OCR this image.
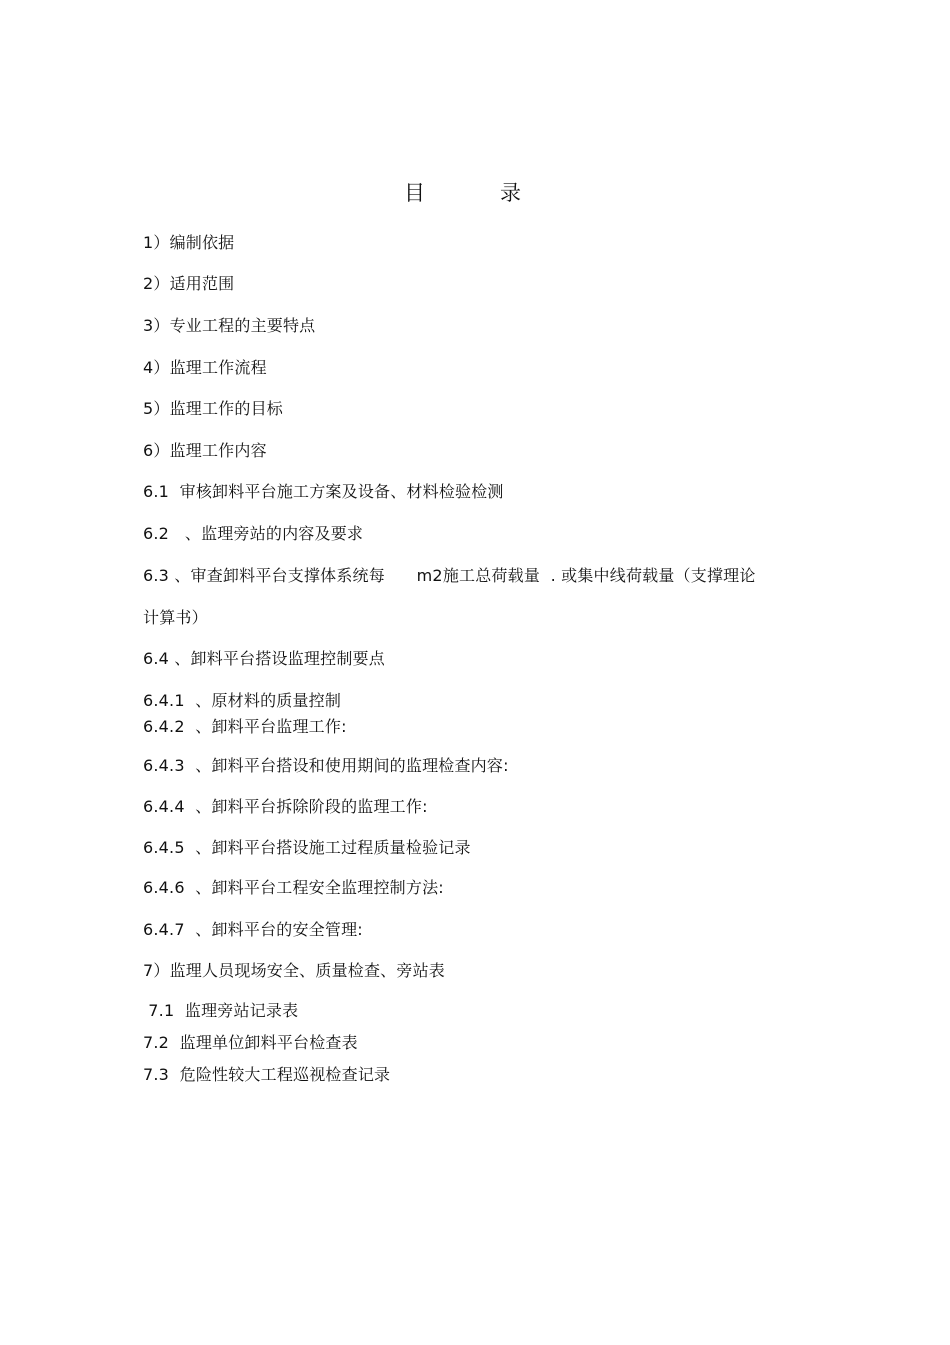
目	录
1）编制依据
2）适用范围
3）专业工程的主要特点
4）监理工作流程
5）监理工作的目标
6）监理工作内容
6.1  审核卸料平台施工方案及设备、材料检验检测
6.2   、监理旁站的内容及要求
6.3 、审查卸料平台支撑体系统每      m2施工总荷载量  . 或集中线荷载量（支撑理论
计算书）
6.4 、卸料平台搭设监理控制要点
6.4.1  、原材料的质量控制
6.4.2  、卸料平台监理工作:
6.4.3  、卸料平台搭设和使用期间的监理检查内容:
6.4.4  、卸料平台拆除阶段的监理工作:
6.4.5  、卸料平台搭设施工过程质量检验记录
6.4.6  、卸料平台工程安全监理控制方法:
6.4.7  、卸料平台的安全管理:
7）监理人员现场安全、质量检查、旁站表
7.1  监理旁站记录表
7.2  监理单位卸料平台检查表
7.3  危险性较大工程巡视检查记录
